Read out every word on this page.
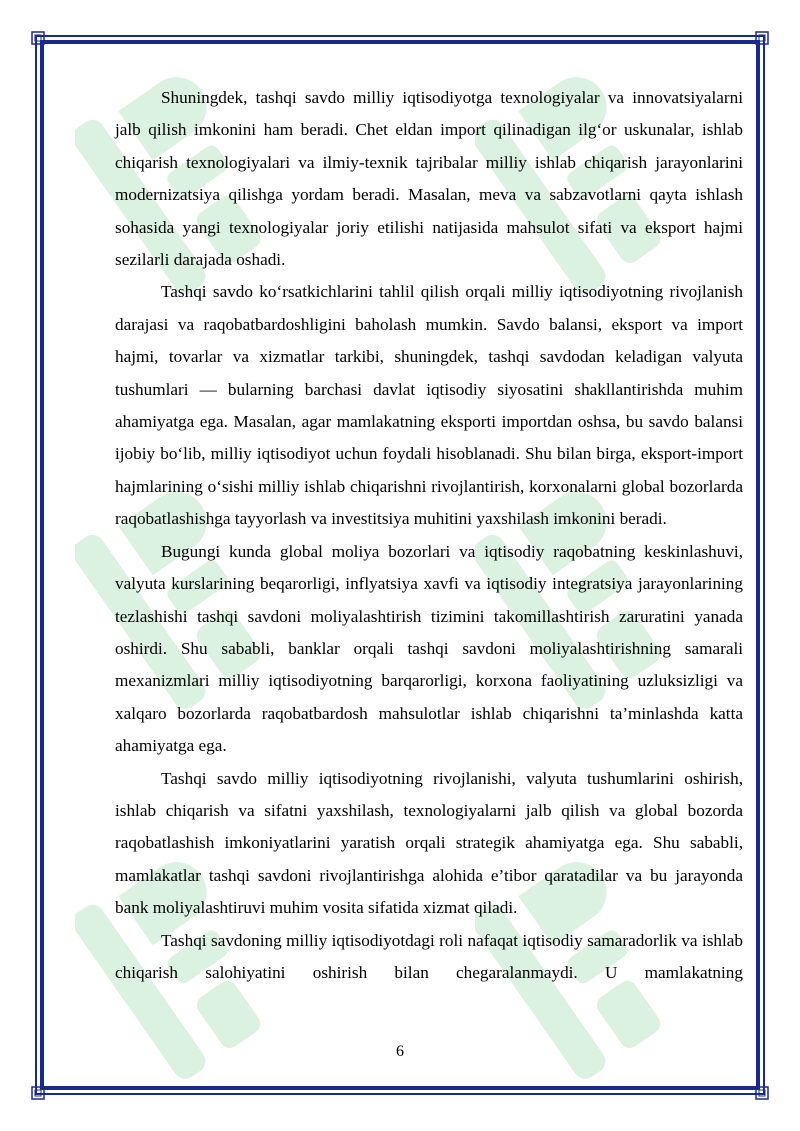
Shuningdek, tashqi savdo milliy iqtisodiyotga texnologiyalar va innovatsiyalarni jalb qilish imkonini ham beradi. Chet eldan import qilinadigan ilg‘or uskunalar, ishlab chiqarish texnologiyalari va ilmiy-texnik tajribalar milliy ishlab chiqarish jarayonlarini modernizatsiya qilishga yordam beradi. Masalan, meva va sabzavotlarni qayta ishlash sohasida yangi texnologiyalar joriy etilishi natijasida mahsulot sifati va eksport hajmi sezilarli darajada oshadi.

Tashqi savdo ko‘rsatkichlarini tahlil qilish orqali milliy iqtisodiyotning rivojlanish darajasi va raqobatbardoshligini baholash mumkin. Savdo balansi, eksport va import hajmi, tovarlar va xizmatlar tarkibi, shuningdek, tashqi savdodan keladigan valyuta tushumlari — bularning barchasi davlat iqtisodiy siyosatini shakllantirishda muhim ahamiyatga ega. Masalan, agar mamlakatning eksporti importdan oshsa, bu savdo balansi ijobiy bo‘lib, milliy iqtisodiyot uchun foydali hisoblanadi. Shu bilan birga, eksport-import hajmlarining o‘sishi milliy ishlab chiqarishni rivojlantirish, korxonalarni global bozorlarda raqobatlashishga tayyorlash va investitsiya muhitini yaxshilash imkonini beradi.

Bugungi kunda global moliya bozorlari va iqtisodiy raqobatning keskinlashuvi, valyuta kurslarining beqarorligi, inflyatsiya xavfi va iqtisodiy integratsiya jarayonlarining tezlashishi tashqi savdoni moliyalashtirish tizimini takomillashtirish zaruratini yanada oshirdi. Shu sababli, banklar orqali tashqi savdoni moliyalashtirishning samarali mexanizmlari milliy iqtisodiyotning barqarorligi, korxona faoliyatining uzluksizligi va xalqaro bozorlarda raqobatbardosh mahsulotlar ishlab chiqarishni ta’minlashda katta ahamiyatga ega.

Tashqi savdo milliy iqtisodiyotning rivojlanishi, valyuta tushumlarini oshirish, ishlab chiqarish va sifatni yaxshilash, texnologiyalarni jalb qilish va global bozorda raqobatlashish imkoniyatlarini yaratish orqali strategik ahamiyatga ega. Shu sababli, mamlakatlar tashqi savdoni rivojlantirishga alohida e’tibor qaratadilar va bu jarayonda bank moliyalashtiruvi muhim vosita sifatida xizmat qiladi.

Tashqi savdoning milliy iqtisodiyotdagi roli nafaqat iqtisodiy samaradorlik va ishlab chiqarish salohiyatini oshirish bilan chegaralanmaydi. U mamlakatning

6
